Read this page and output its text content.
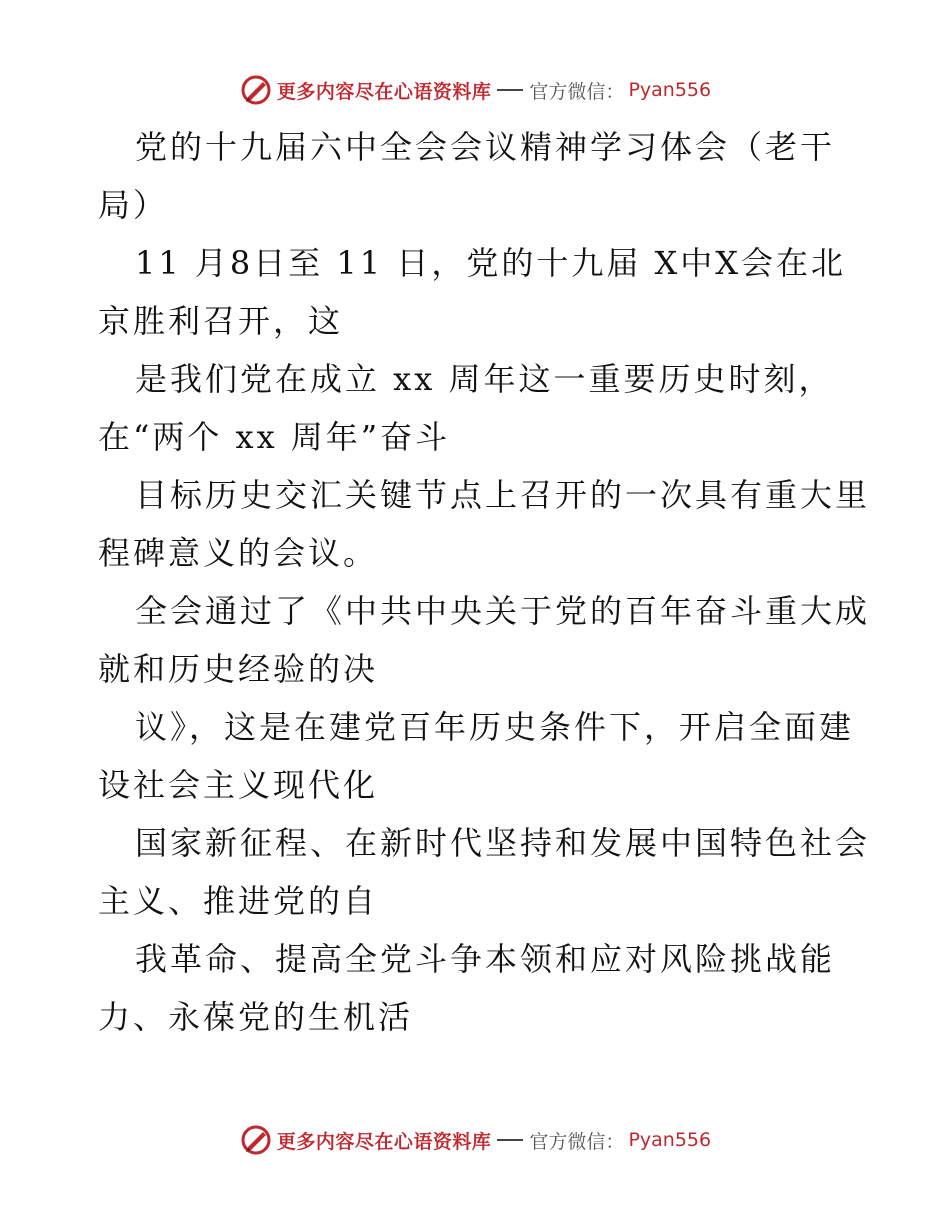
更多内容尽在心语资料库 官方微信： Pyan556
党的十九届六中全会会议精神学习体会（老干
局）
11 月8日至 11 日，党的十九届 X中X会在北
京胜利召开，这
是我们党在成立 xx 周年这一重要历史时刻，
在“两个 xx 周年”奋斗
目标历史交汇关键节点上召开的一次具有重大里
程碑意义的会议。
全会通过了《中共中央关于党的百年奋斗重大成
就和历史经验的决
议》，这是在建党百年历史条件下，开启全面建
设社会主义现代化
国家新征程、在新时代坚持和发展中国特色社会
主义、推进党的自
我革命、提高全党斗争本领和应对风险挑战能
力、永葆党的生机活
更多内容尽在心语资料库 官方微信： Pyan556
